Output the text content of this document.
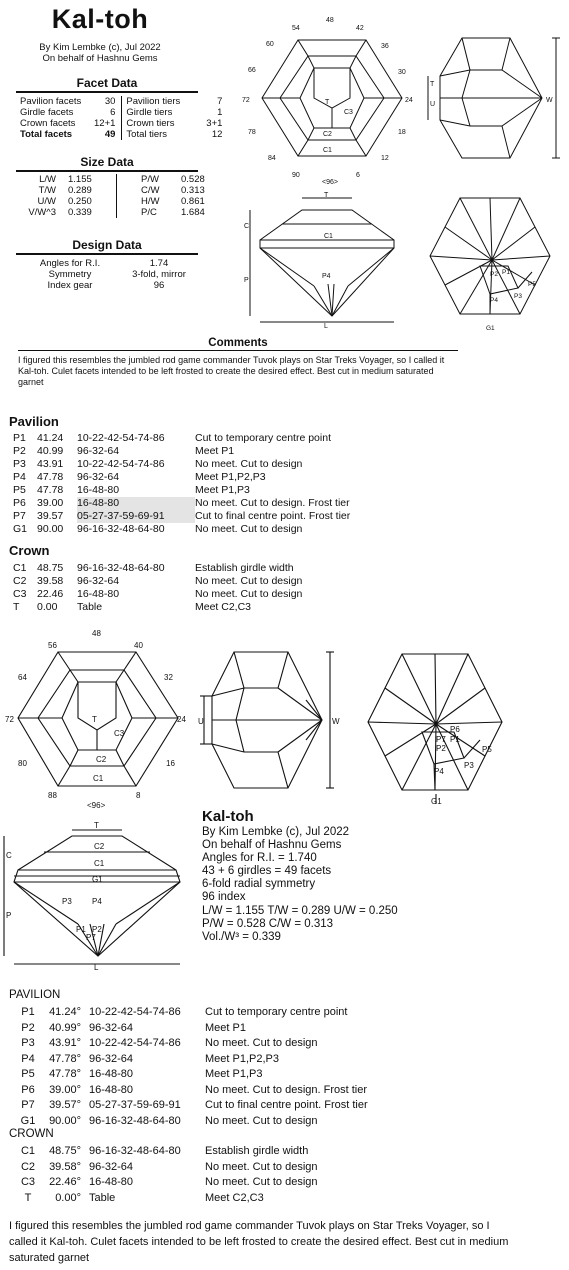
Kal-toh
By Kim Lembke (c), Jul 2022
On behalf of Hashnu Gems
Facet Data
Pavilion facets	30	Pavilion tiers	7
Girdle facets	6	Girdle tiers	1
Crown facets	12+1	Crown tiers	3+1
Total facets	49	Total tiers	12
Size Data
L/W	1.155	P/W	0.528
T/W	0.289	C/W	0.313
U/W	0.250	H/W	0.861
V/W^3	0.339	P/C	1.684
Design Data
Angles for R.I.	1.74
Symmetry	3-fold, mirror
Index gear	96
Comments
I figured this resembles the jumbled rod game commander Tuvok plays on Star Treks Voyager, so I called it Kal-toh. Culet facets intended to be left frosted to create the desired effect. Best cut in medium saturated garnet
48
42
36
30
24
18
12
6
90
84
78
72
66
60
54
<96>
T
C3
C2
C1
T
U
W
T
C
C1
P
P4
L
P5
P4
P3
P2 P1
G1
Pavilion
P1	41.24	10-22-42-54-74-86	Cut to temporary centre point
P2	40.99	96-32-64	Meet P1
P3	43.91	10-22-42-54-74-86	No meet. Cut to design
P4	47.78	96-32-64	Meet P1,P2,P3
P5	47.78	16-48-80	Meet P1,P3
P6	39.00	16-48-80	No meet. Cut to design. Frost tier
P7	39.57	05-27-37-59-69-91	Cut to final centre point. Frost tier
G1	90.00	96-16-32-48-64-80	No meet. Cut to design
Crown
C1	48.75	96-16-32-48-64-80	Establish girdle width
C2	39.58	96-32-64	No meet. Cut to design
C3	22.46	16-48-80	No meet. Cut to design
T	0.00	Table	Meet C2,C3
48
40
32
24
16
8
88
80
72
64
56
<96>
T
C3
C2
C1
U	W
P6
P1
P7
P2	P5
P4
P3
G1
T
C
C2
C1
G1
P
P3	P4
P1 P2
P7
L
Kal-toh
By Kim Lembke (c), Jul 2022
On behalf of Hashnu Gems
Angles for R.I. = 1.740
43 + 6 girdles = 49 facets
6-fold radial symmetry
96 index
L/W = 1.155 T/W = 0.289 U/W = 0.250
P/W = 0.528 C/W = 0.313
Vol./W³ = 0.339
PAVILION
P1	41.24°	10-22-42-54-74-86	Cut to temporary centre point
P2	40.99°	96-32-64	Meet P1
P3	43.91°	10-22-42-54-74-86	No meet. Cut to design
P4	47.78°	96-32-64	Meet P1,P2,P3
P5	47.78°	16-48-80	Meet P1,P3
P6	39.00°	16-48-80	No meet. Cut to design. Frost tier
P7	39.57°	05-27-37-59-69-91	Cut to final centre point. Frost tier
G1	90.00°	96-16-32-48-64-80	No meet. Cut to design
CROWN
C1	48.75°	96-16-32-48-64-80	Establish girdle width
C2	39.58°	96-32-64	No meet. Cut to design
C3	22.46°	16-48-80	No meet. Cut to design
T	0.00°	Table	Meet C2,C3
I figured this resembles the jumbled rod game commander Tuvok plays on Star Treks Voyager, so I called it Kal-toh. Culet facets intended to be left frosted to create the desired effect. Best cut in medium saturated garnet
